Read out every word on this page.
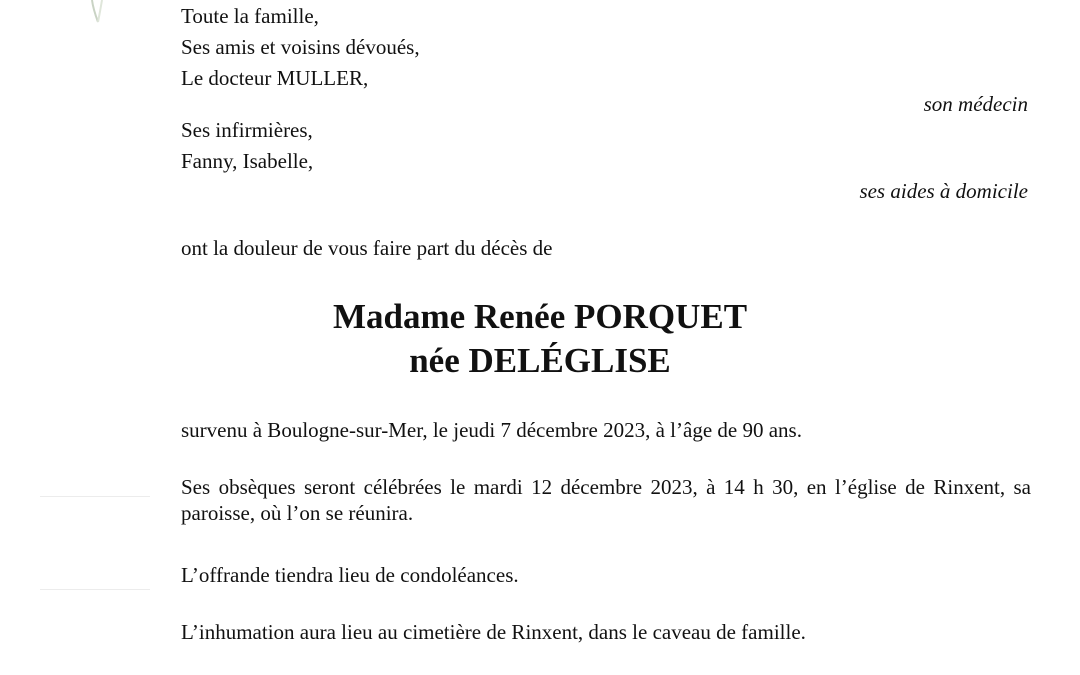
Toute la famille,
Ses amis et voisins dévoués,
Le docteur MULLER,
son médecin
Ses infirmières,
Fanny, Isabelle,
ses aides à domicile
ont la douleur de vous faire part du décès de
Madame Renée PORQUET
née DELÉGLISE
survenu à Boulogne-sur-Mer, le jeudi 7 décembre 2023, à l’âge de 90 ans.
Ses obsèques seront célébrées le mardi 12 décembre 2023, à 14 h 30, en l’église de Rinxent, sa paroisse, où l’on se réunira.
L’offrande tiendra lieu de condoléances.
L’inhumation aura lieu au cimetière de Rinxent, dans le caveau de famille.
